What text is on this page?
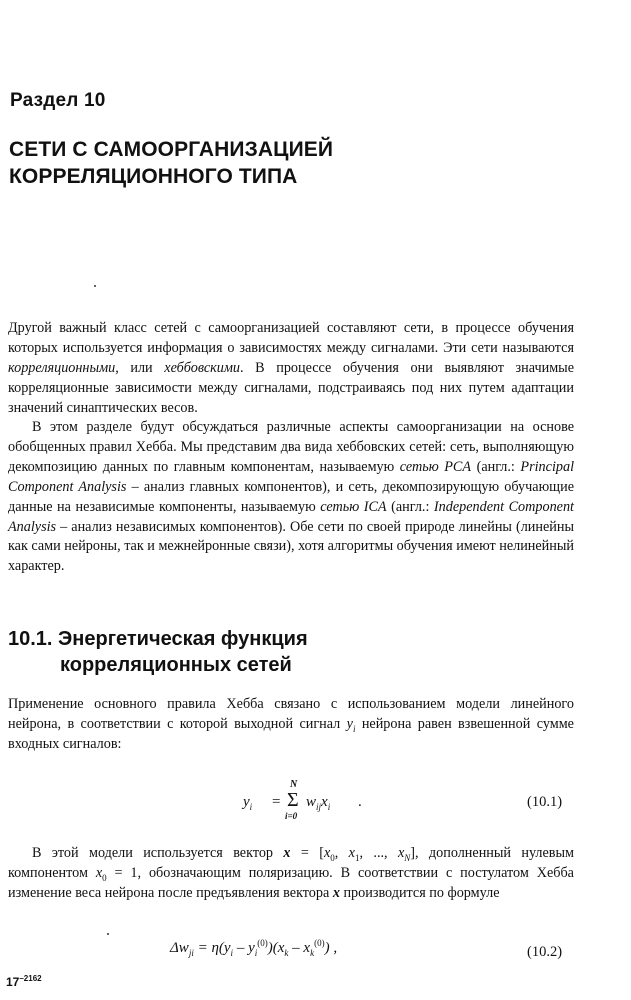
Раздел 10
СЕТИ С САМООРГАНИЗАЦИЕЙ
КОРРЕЛЯЦИОННОГО ТИПА

Другой важный класс сетей с самоорганизацией составляют сети, в процессе обучения которых используется информация о зависимостях между сигналами. Эти сети называются корреляционными, или хеббовскими. В процессе обучения они выявляют значимые корреляционные зависимости между сигналами, подстраиваясь под них путем адаптации значений синаптических весов.

В этом разделе будут обсуждаться различные аспекты самоорганизации на основе обобщенных правил Хебба. Мы представим два вида хеббовских сетей: сеть, выполняющую декомпозицию данных по главным компонентам, называемую сетью PCA (англ.: Principal Component Analysis – анализ главных компонентов), и сеть, декомпозирующую обучающие данные на независимые компоненты, называемую сетью ICA (англ.: Independent Component Analysis – анализ независимых компонентов). Обе сети по своей природе линейны (линейны как сами нейроны, так и межнейронные связи), хотя алгоритмы обучения имеют нелинейный характер.

10.1. Энергетическая функция
корреляционных сетей

Применение основного правила Хебба связано с использованием модели линейного нейрона, в соответствии с которой выходной сигнал $y_i$ нейрона равен взвешенной сумме входных сигналов:

$y_i$ =
N
Σ
i=0
$w_{ij}x_i$ .	(10.1)

В этой модели используется вектор $x = [x_0$, $x_1$, ..., $x_N$], дополненный нулевым компонентом $x_0 = 1$, обозначающим поляризацию. В соответствии с постулатом Хебба изменение веса нейрона после предъявления вектора x производится по формуле

$\Delta w_{ji} = \eta(y_i - y_i^{(0)})(x_k - x_k^{(0)})$ ,	(10.2)
$17^{-2162}$
